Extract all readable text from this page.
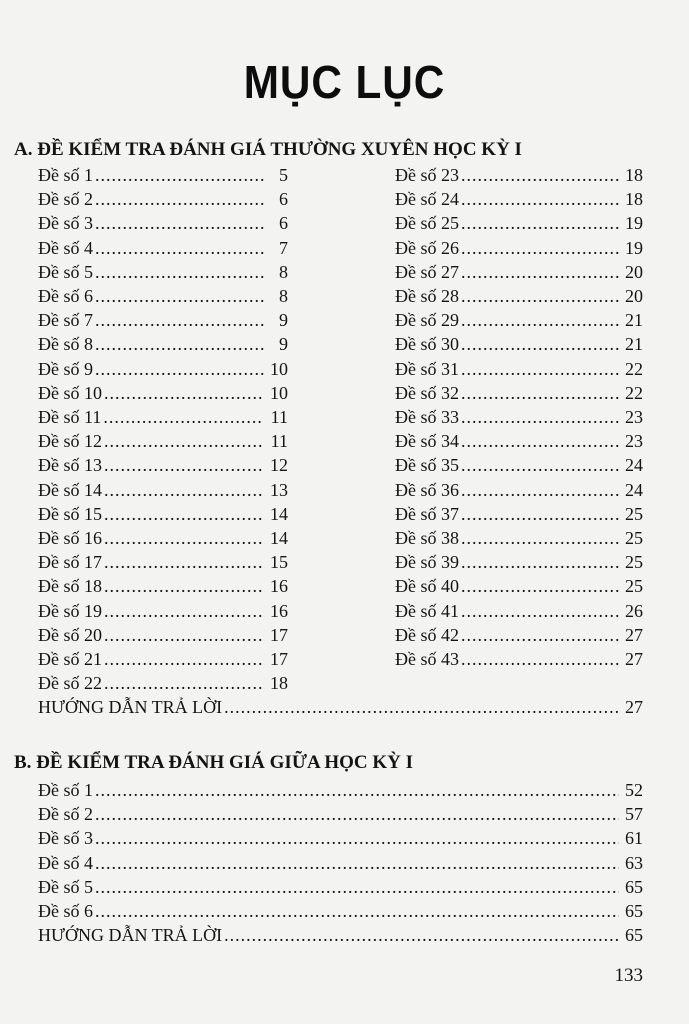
MỤC LỤC
A. ĐỀ KIỂM TRA ĐÁNH GIÁ THƯỜNG XUYÊN HỌC KỲ I
Đề số 1 .....	5
Đề số 2 .....	6
Đề số 3 .....	6
Đề số 4 .....	7
Đề số 5 .....	8
Đề số 6 .....	8
Đề số 7 .....	9
Đề số 8 .....	9
Đề số 9 .....	10
Đề số 10 .....	10
Đề số 11 .....	11
Đề số 12 .....	11
Đề số 13 .....	12
Đề số 14 .....	13
Đề số 15 .....	14
Đề số 16 .....	14
Đề số 17 .....	15
Đề số 18 .....	16
Đề số 19 .....	16
Đề số 20 .....	17
Đề số 21 .....	17
Đề số 22 .....	18
Đề số 23 .....	18
Đề số 24 .....	18
Đề số 25 .....	19
Đề số 26 .....	19
Đề số 27 .....	20
Đề số 28 .....	20
Đề số 29 .....	21
Đề số 30 .....	21
Đề số 31 .....	22
Đề số 32 .....	22
Đề số 33 .....	23
Đề số 34 .....	23
Đề số 35 .....	24
Đề số 36 .....	24
Đề số 37 .....	25
Đề số 38 .....	25
Đề số 39 .....	25
Đề số 40 .....	25
Đề số 41 .....	26
Đề số 42 .....	27
Đề số 43 .....	27
HƯỚNG DẪN TRẢ LỜI .....	27
B. ĐỀ KIỂM TRA ĐÁNH GIÁ GIỮA HỌC KỲ I
Đề số 1 .....	52
Đề số 2 .....	57
Đề số 3 .....	61
Đề số 4 .....	63
Đề số 5 .....	65
Đề số 6 .....	65
HƯỚNG DẪN TRẢ LỜI .....	65
133
